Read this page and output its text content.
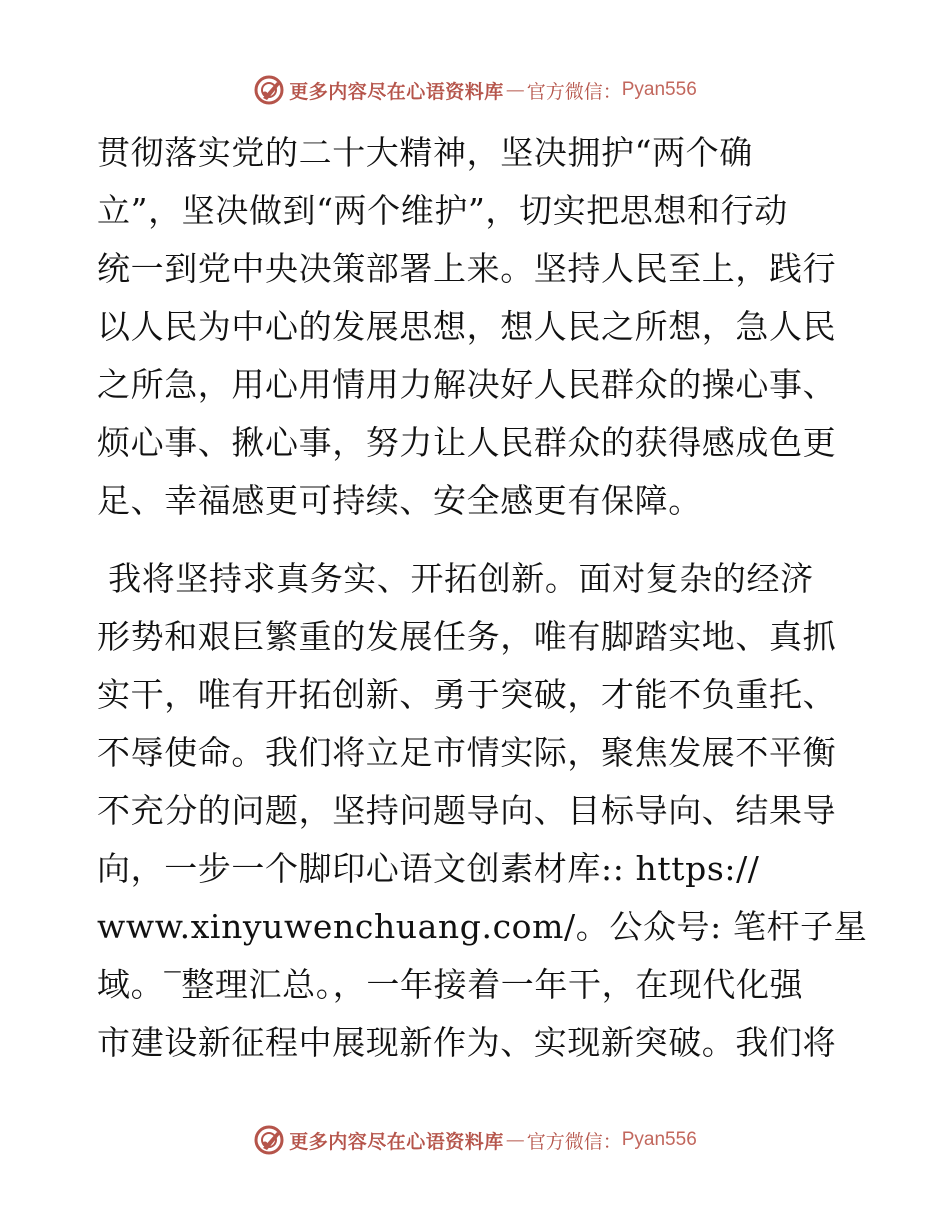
更多内容尽在心语资料库 — 官方微信： Pyan556
贯彻落实党的二十大精神，坚决拥护“两个确
立”，坚决做到“两个维护”，切实把思想和行动
统一到党中央决策部署上来。坚持人民至上，践行
以人民为中心的发展思想，想人民之所想，急人民
之所急，用心用情用力解决好人民群众的操心事、
烦心事、揪心事，努力让人民群众的获得感成色更
足、幸福感更可持续、安全感更有保障。
我将坚持求真务实、开拓创新。面对复杂的经济
形势和艰巨繁重的发展任务，唯有脚踏实地、真抓
实干，唯有开拓创新、勇于突破，才能不负重托、
不辱使命。我们将立足市情实际，聚焦发展不平衡
不充分的问题，坚持问题导向、目标导向、结果导
向，一步一个脚印心语文创素材库:: https://
www.xinyuwenchuang.com/。公众号: 笔杆子星
域。‾整理汇总。，一年接着一年干，在现代化强
市建设新征程中展现新作为、实现新突破。我们将
更多内容尽在心语资料库 — 官方微信： Pyan556
